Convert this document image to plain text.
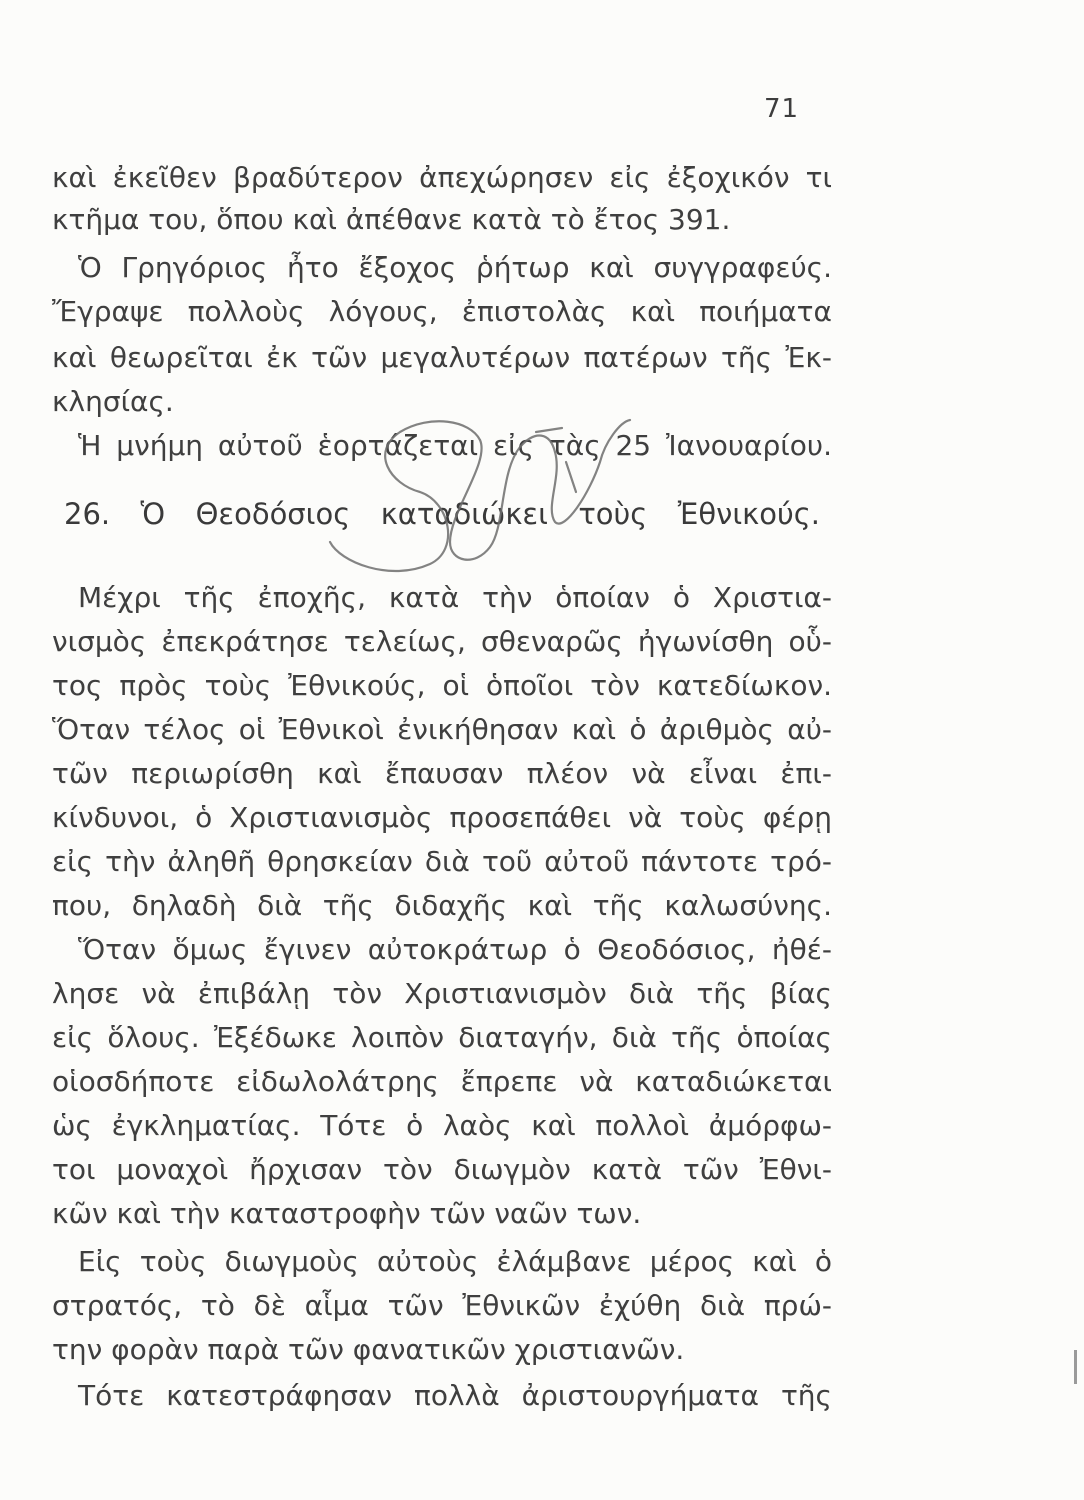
71
καὶ ἐκεῖθεν βραδύτερον ἀπεχώρησεν εἰς ἐξοχικόν τι
κτῆμα του, ὅπου καὶ ἀπέθανε κατὰ τὸ ἔτος 391.
Ὁ Γρηγόριος ἦτο ἔξοχος ῥήτωρ καὶ συγγραφεύς.
Ἔγραψε πολλοὺς λόγους, ἐπιστολὰς καὶ ποιήματα
καὶ θεωρεῖται ἐκ τῶν μεγαλυτέρων πατέρων τῆς Ἐκ-
κλησίας.
Ἡ μνήμη αὐτοῦ ἑορτάζεται εἰς τὰς 25 Ἰανουαρίου.
26. Ὁ Θεοδόσιος καταδιώκει τοὺς Ἐθνικούς.
Μέχρι τῆς ἐποχῆς, κατὰ τὴν ὁποίαν ὁ Χριστια-
νισμὸς ἐπεκράτησε τελείως, σθεναρῶς ἠγωνίσθη οὗ-
τος πρὸς τοὺς Ἐθνικούς, οἱ ὁποῖοι τὸν κατεδίωκον.
Ὅταν τέλος οἱ Ἐθνικοὶ ἐνικήθησαν καὶ ὁ ἀριθμὸς αὐ-
τῶν περιωρίσθη καὶ ἔπαυσαν πλέον νὰ εἶναι ἐπι-
κίνδυνοι, ὁ Χριστιανισμὸς προσεπάθει νὰ τοὺς φέρῃ
εἰς τὴν ἀληθῆ θρησκείαν διὰ τοῦ αὐτοῦ πάντοτε τρό-
που, δηλαδὴ διὰ τῆς διδαχῆς καὶ τῆς καλωσύνης.
Ὅταν ὅμως ἔγινεν αὐτοκράτωρ ὁ Θεοδόσιος, ἠθέ-
λησε νὰ ἐπιβάλῃ τὸν Χριστιανισμὸν διὰ τῆς βίας
εἰς ὅλους. Ἐξέδωκε λοιπὸν διαταγήν, διὰ τῆς ὁποίας
οἱοσδήποτε εἰδωλολάτρης ἔπρεπε νὰ καταδιώκεται
ὡς ἐγκληματίας. Τότε ὁ λαὸς καὶ πολλοὶ ἀμόρφω-
τοι μοναχοὶ ἤρχισαν τὸν διωγμὸν κατὰ τῶν Ἐθνι-
κῶν καὶ τὴν καταστροφὴν τῶν ναῶν των.
Εἰς τοὺς διωγμοὺς αὐτοὺς ἐλάμβανε μέρος καὶ ὁ
στρατός, τὸ δὲ αἷμα τῶν Ἐθνικῶν ἐχύθη διὰ πρώ-
την φορὰν παρὰ τῶν φανατικῶν χριστιανῶν.
Τότε κατεστράφησαν πολλὰ ἀριστουργήματα τῆς
